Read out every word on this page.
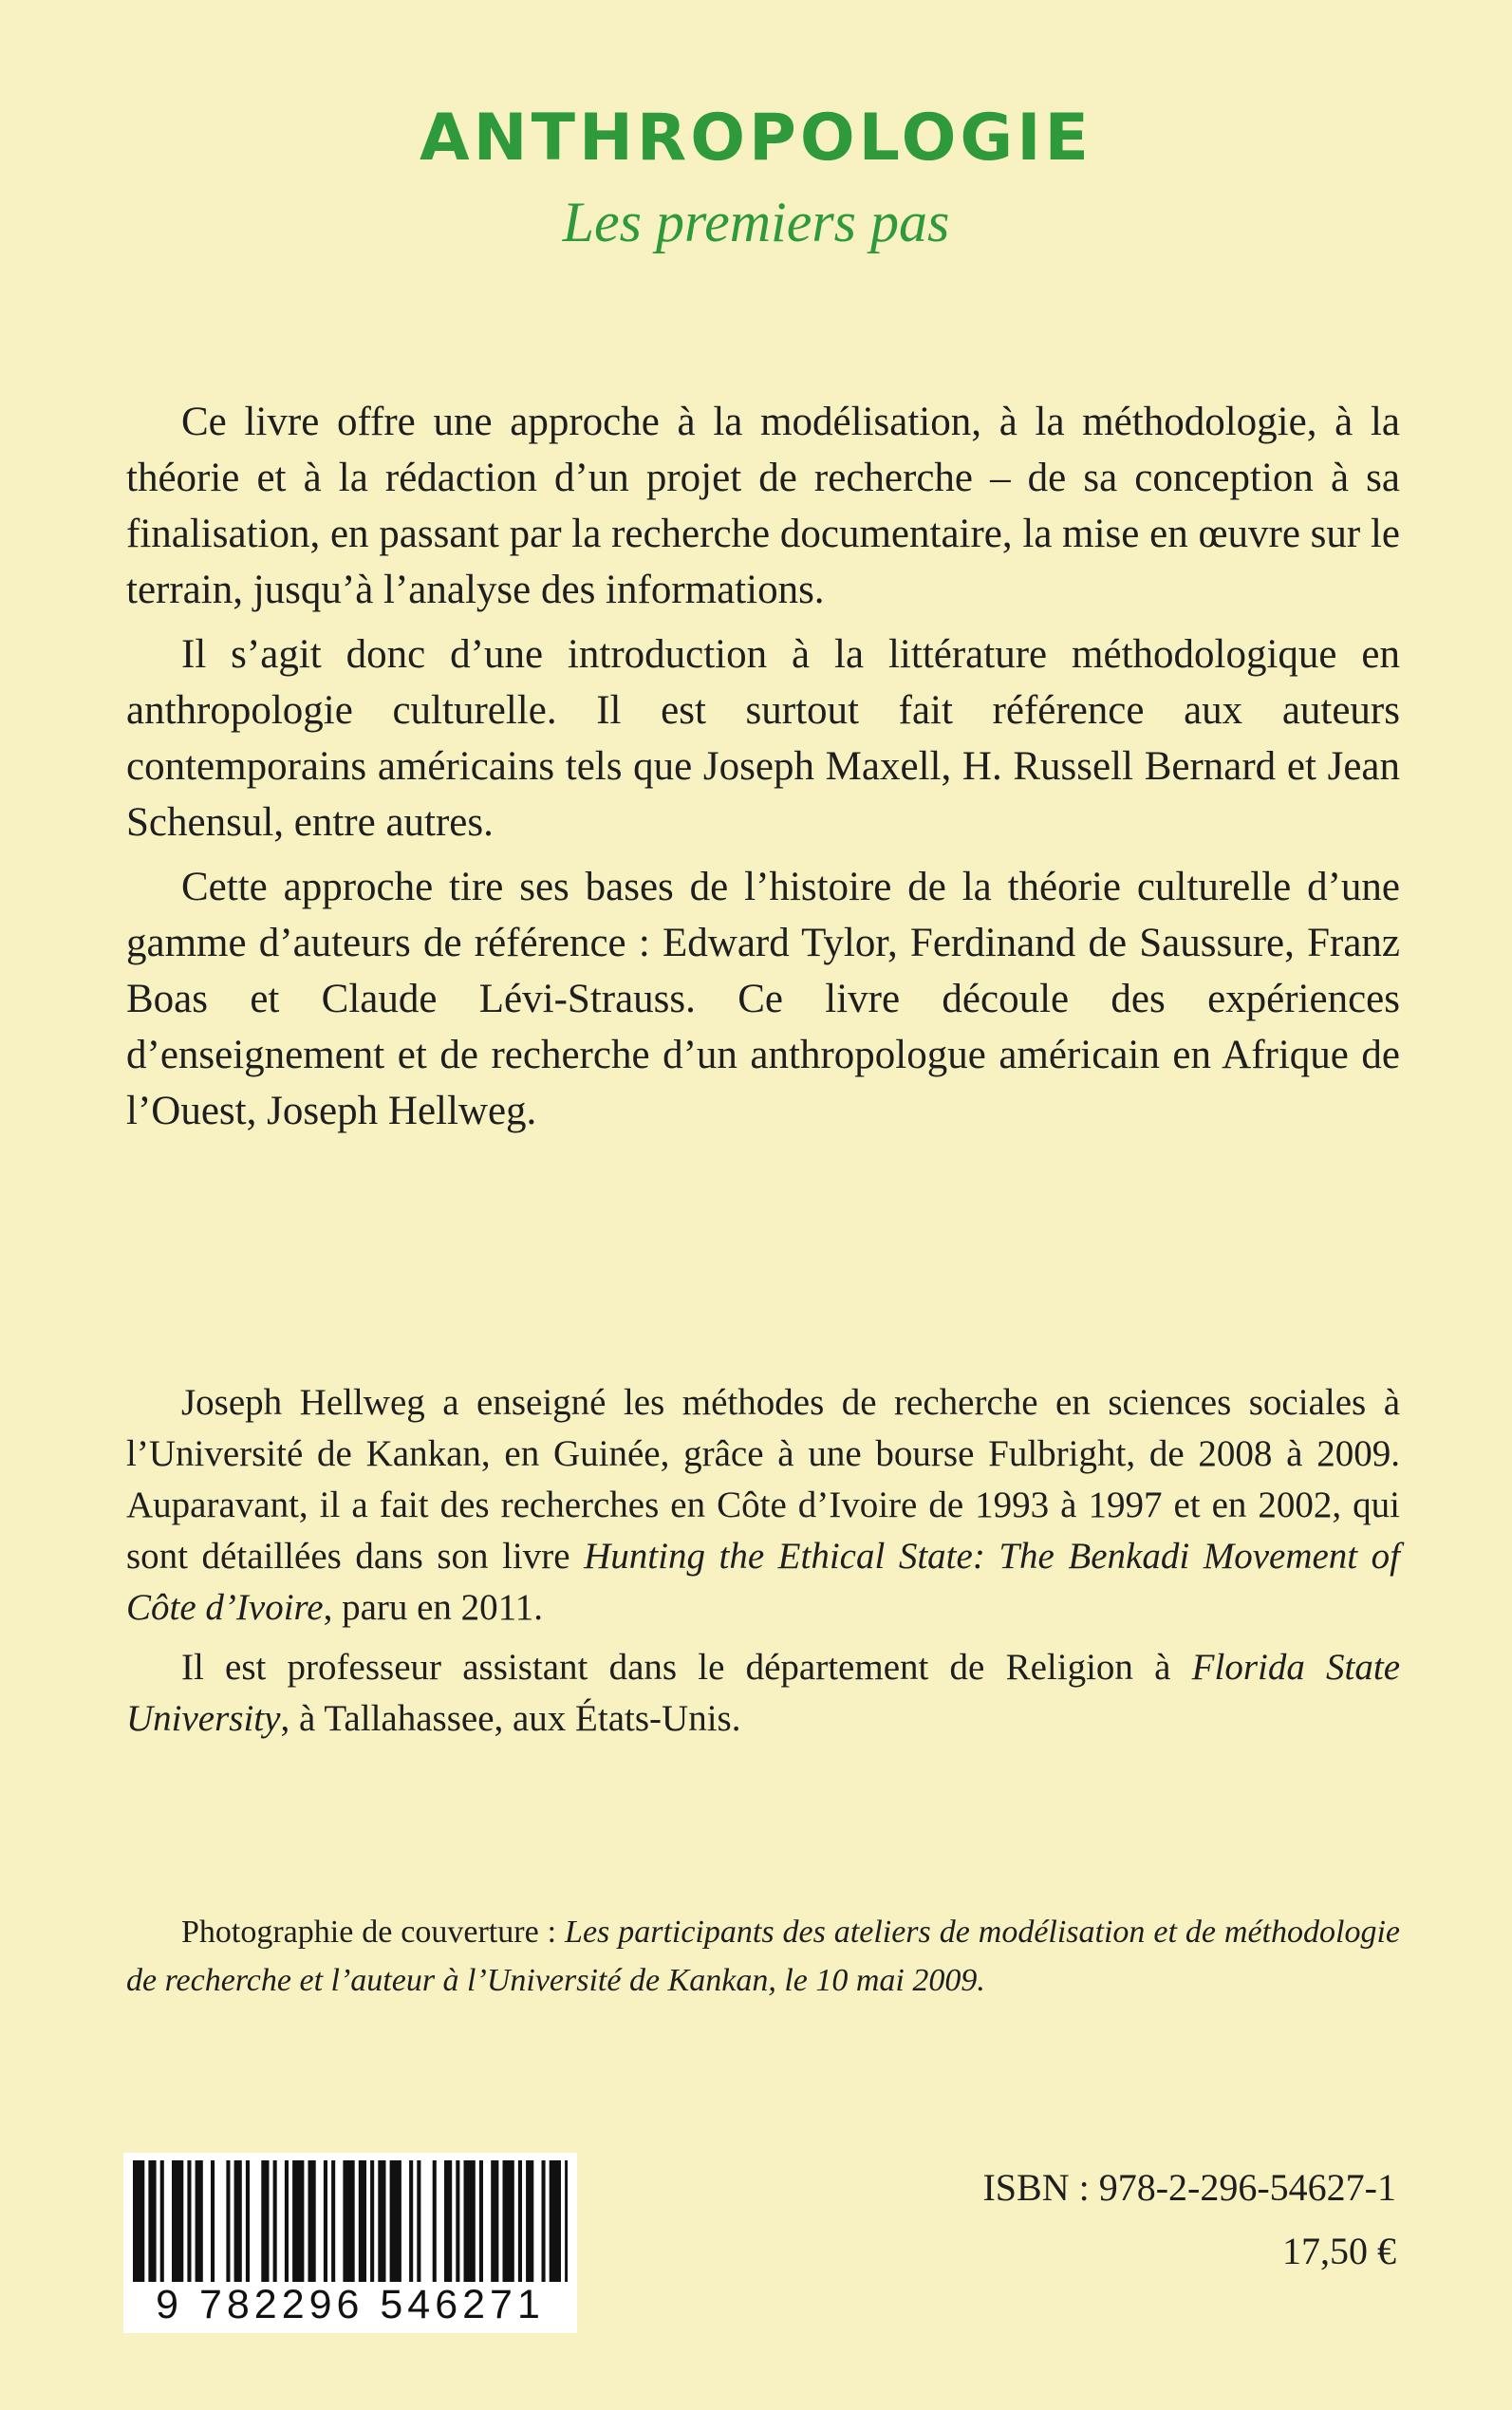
ANTHROPOLOGIE
Les premiers pas

Ce livre offre une approche à la modélisation, à la méthodologie, à la théorie et à la rédaction d’un projet de recherche – de sa conception à sa finalisation, en passant par la recherche documentaire, la mise en œuvre sur le terrain, jusqu’à l’analyse des informations.

Il s’agit donc d’une introduction à la littérature méthodologique en anthropologie culturelle. Il est surtout fait référence aux auteurs contemporains américains tels que Joseph Maxell, H. Russell Bernard et Jean Schensul, entre autres.

Cette approche tire ses bases de l’histoire de la théorie culturelle d’une gamme d’auteurs de référence : Edward Tylor, Ferdinand de Saussure, Franz Boas et Claude Lévi-Strauss. Ce livre découle des expériences d’enseignement et de recherche d’un anthropologue américain en Afrique de l’Ouest, Joseph Hellweg.

Joseph Hellweg a enseigné les méthodes de recherche en sciences sociales à l’Université de Kankan, en Guinée, grâce à une bourse Fulbright, de 2008 à 2009. Auparavant, il a fait des recherches en Côte d’Ivoire de 1993 à 1997 et en 2002, qui sont détaillées dans son livre Hunting the Ethical State: The Benkadi Movement of Côte d’Ivoire, paru en 2011.

Il est professeur assistant dans le département de Religion à Florida State University, à Tallahassee, aux États-Unis.

Photographie de couverture : Les participants des ateliers de modélisation et de méthodologie de recherche et l’auteur à l’Université de Kankan, le 10 mai 2009.

9 782296 546271
ISBN : 978-2-296-54627-1
17,50 €
